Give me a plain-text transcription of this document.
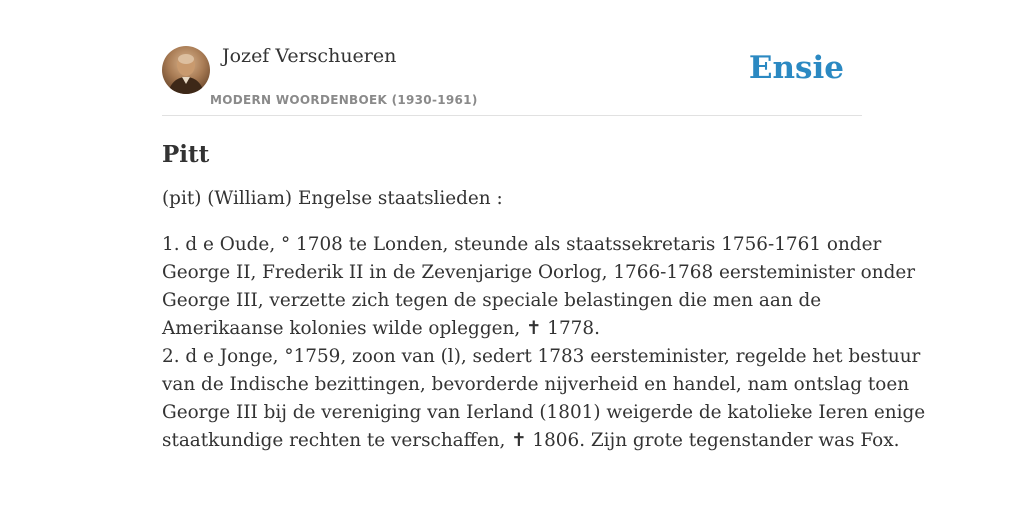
Jozef Verschueren
MODERN WOORDENBOEK (1930-1961)
Ensie
Pitt

(pit) (William) Engelse staatslieden :

1. d e Oude, ° 1708 te Londen, steunde als staatssekretaris 1756-1761 onder

George II, Frederik II in de Zevenjarige Oorlog, 1766-1768 eersteminister onder

George III, verzette zich tegen de speciale belastingen die men aan de

Amerikaanse kolonies wilde opleggen, ✝ 1778.

2. d e Jonge, °1759, zoon van (l), sedert 1783 eersteminister, regelde het bestuur

van de Indische bezittingen, bevorderde nijverheid en handel, nam ontslag toen

George III bij de vereniging van Ierland (1801) weigerde de katolieke Ieren enige

staatkundige rechten te verschaffen, ✝ 1806. Zijn grote tegenstander was Fox.
